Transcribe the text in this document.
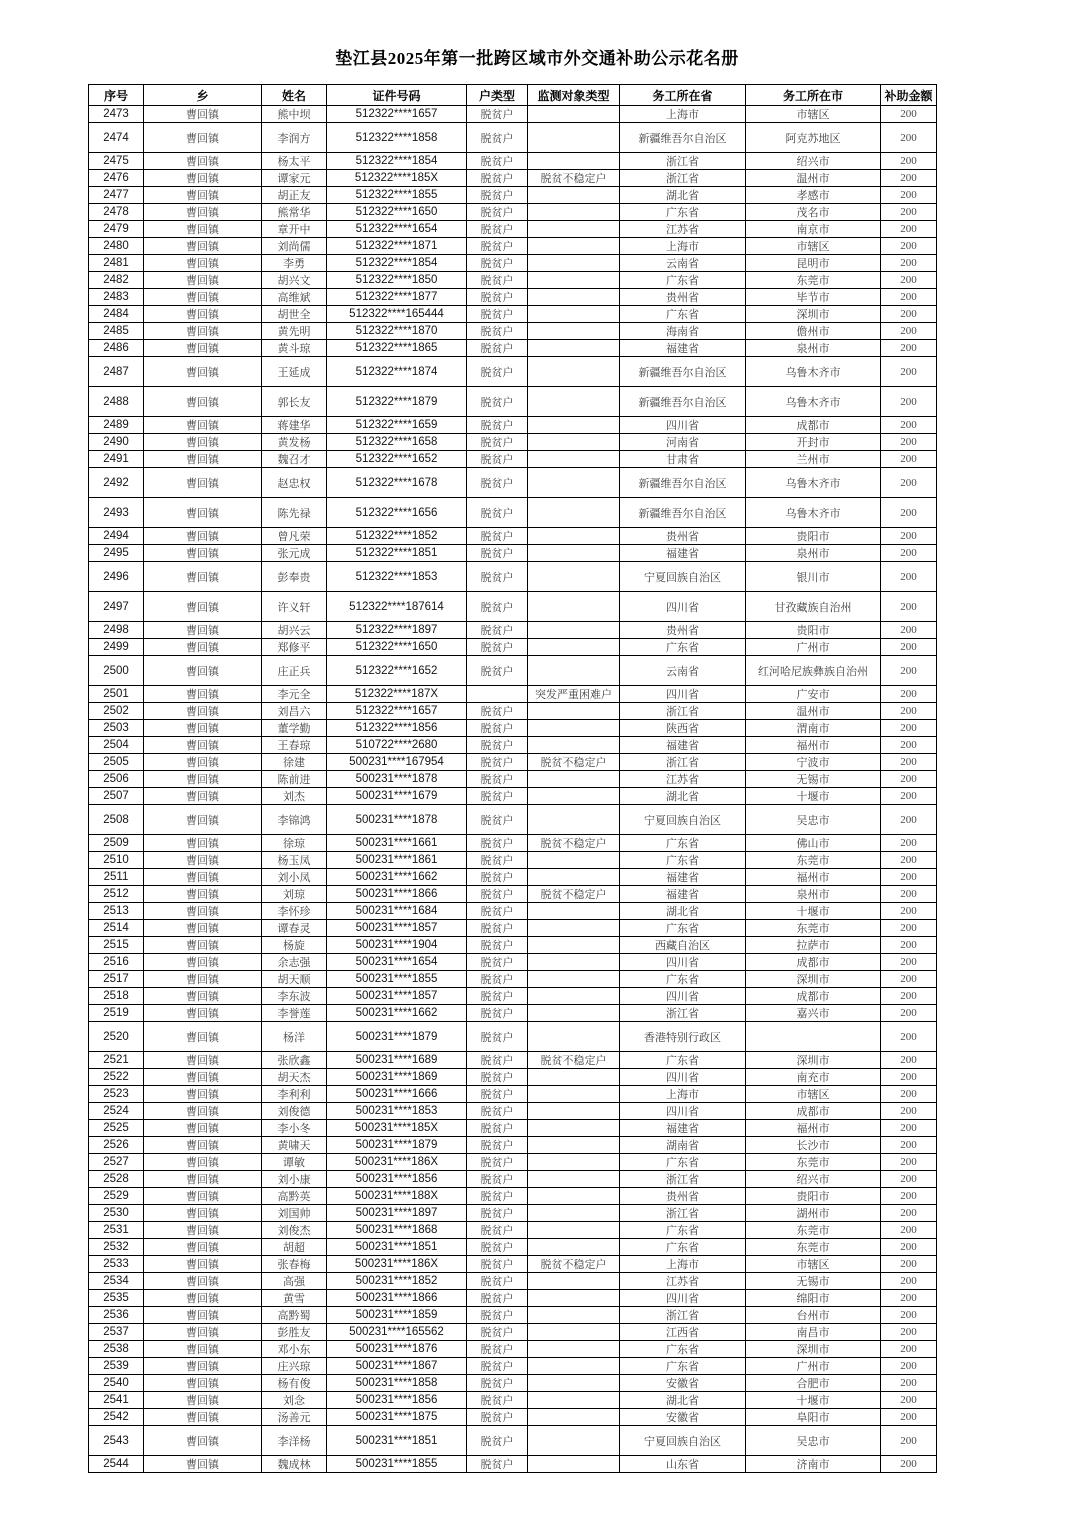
垫江县2025年第一批跨区域市外交通补助公示花名册
序号	乡	姓名	证件号码	户类型	监测对象类型	务工所在省	务工所在市	补助金额
2473	曹回镇	熊中坝	512322****1657	脱贫户		上海市	市辖区	200
2474	曹回镇	李润方	512322****1858	脱贫户		新疆维吾尔自治区	阿克苏地区	200
2475	曹回镇	杨太平	512322****1854	脱贫户		浙江省	绍兴市	200
2476	曹回镇	谭家元	512322****185X	脱贫户	脱贫不稳定户	浙江省	温州市	200
2477	曹回镇	胡正友	512322****1855	脱贫户		湖北省	孝感市	200
2478	曹回镇	熊常华	512322****1650	脱贫户		广东省	茂名市	200
2479	曹回镇	章开中	512322****1654	脱贫户		江苏省	南京市	200
2480	曹回镇	刘尚儒	512322****1871	脱贫户		上海市	市辖区	200
2481	曹回镇	李勇	512322****1854	脱贫户		云南省	昆明市	200
2482	曹回镇	胡兴文	512322****1850	脱贫户		广东省	东莞市	200
2483	曹回镇	高维斌	512322****1877	脱贫户		贵州省	毕节市	200
2484	曹回镇	胡世全	512322****165444	脱贫户		广东省	深圳市	200
2485	曹回镇	黄先明	512322****1870	脱贫户		海南省	儋州市	200
2486	曹回镇	黄斗琼	512322****1865	脱贫户		福建省	泉州市	200
2487	曹回镇	王延成	512322****1874	脱贫户		新疆维吾尔自治区	乌鲁木齐市	200
2488	曹回镇	郭长友	512322****1879	脱贫户		新疆维吾尔自治区	乌鲁木齐市	200
2489	曹回镇	蒋建华	512322****1659	脱贫户		四川省	成都市	200
2490	曹回镇	黄发杨	512322****1658	脱贫户		河南省	开封市	200
2491	曹回镇	魏召才	512322****1652	脱贫户		甘肃省	兰州市	200
2492	曹回镇	赵忠权	512322****1678	脱贫户		新疆维吾尔自治区	乌鲁木齐市	200
2493	曹回镇	陈先禄	512322****1656	脱贫户		新疆维吾尔自治区	乌鲁木齐市	200
2494	曹回镇	曾凡荣	512322****1852	脱贫户		贵州省	贵阳市	200
2495	曹回镇	张元成	512322****1851	脱贫户		福建省	泉州市	200
2496	曹回镇	彭奉贵	512322****1853	脱贫户		宁夏回族自治区	银川市	200
2497	曹回镇	许义轩	512322****187614	脱贫户		四川省	甘孜藏族自治州	200
2498	曹回镇	胡兴云	512322****1897	脱贫户		贵州省	贵阳市	200
2499	曹回镇	郑修平	512322****1650	脱贫户		广东省	广州市	200
2500	曹回镇	庄正兵	512322****1652	脱贫户		云南省	红河哈尼族彝族自治州	200
2501	曹回镇	李元全	512322****187X		突发严重困难户	四川省	广安市	200
2502	曹回镇	刘昌六	512322****1657	脱贫户		浙江省	温州市	200
2503	曹回镇	董学勤	512322****1856	脱贫户		陕西省	渭南市	200
2504	曹回镇	王春琼	510722****2680	脱贫户		福建省	福州市	200
2505	曹回镇	徐建	500231****167954	脱贫户	脱贫不稳定户	浙江省	宁波市	200
2506	曹回镇	陈前进	500231****1878	脱贫户		江苏省	无锡市	200
2507	曹回镇	刘杰	500231****1679	脱贫户		湖北省	十堰市	200
2508	曹回镇	李锦鸿	500231****1878	脱贫户		宁夏回族自治区	吴忠市	200
2509	曹回镇	徐琼	500231****1661	脱贫户	脱贫不稳定户	广东省	佛山市	200
2510	曹回镇	杨玉凤	500231****1861	脱贫户		广东省	东莞市	200
2511	曹回镇	刘小凤	500231****1662	脱贫户		福建省	福州市	200
2512	曹回镇	刘琼	500231****1866	脱贫户	脱贫不稳定户	福建省	泉州市	200
2513	曹回镇	李怀珍	500231****1684	脱贫户		湖北省	十堰市	200
2514	曹回镇	谭春灵	500231****1857	脱贫户		广东省	东莞市	200
2515	曹回镇	杨旋	500231****1904	脱贫户		西藏自治区	拉萨市	200
2516	曹回镇	余志强	500231****1654	脱贫户		四川省	成都市	200
2517	曹回镇	胡天顺	500231****1855	脱贫户		广东省	深圳市	200
2518	曹回镇	李东波	500231****1857	脱贫户		四川省	成都市	200
2519	曹回镇	李誉莲	500231****1662	脱贫户		浙江省	嘉兴市	200
2520	曹回镇	杨洋	500231****1879	脱贫户		香港特别行政区		200
2521	曹回镇	张欣鑫	500231****1689	脱贫户	脱贫不稳定户	广东省	深圳市	200
2522	曹回镇	胡天杰	500231****1869	脱贫户		四川省	南充市	200
2523	曹回镇	李利利	500231****1666	脱贫户		上海市	市辖区	200
2524	曹回镇	刘俊德	500231****1853	脱贫户		四川省	成都市	200
2525	曹回镇	李小冬	500231****185X	脱贫户		福建省	福州市	200
2526	曹回镇	黄啸天	500231****1879	脱贫户		湖南省	长沙市	200
2527	曹回镇	谭敏	500231****186X	脱贫户		广东省	东莞市	200
2528	曹回镇	刘小康	500231****1856	脱贫户		浙江省	绍兴市	200
2529	曹回镇	高黔英	500231****188X	脱贫户		贵州省	贵阳市	200
2530	曹回镇	刘国帅	500231****1897	脱贫户		浙江省	湖州市	200
2531	曹回镇	刘俊杰	500231****1868	脱贫户		广东省	东莞市	200
2532	曹回镇	胡超	500231****1851	脱贫户		广东省	东莞市	200
2533	曹回镇	张春梅	500231****186X	脱贫户	脱贫不稳定户	上海市	市辖区	200
2534	曹回镇	高强	500231****1852	脱贫户		江苏省	无锡市	200
2535	曹回镇	黄雪	500231****1866	脱贫户		四川省	绵阳市	200
2536	曹回镇	高黔蜀	500231****1859	脱贫户		浙江省	台州市	200
2537	曹回镇	彭胜友	500231****165562	脱贫户		江西省	南昌市	200
2538	曹回镇	邓小东	500231****1876	脱贫户		广东省	深圳市	200
2539	曹回镇	庄兴琼	500231****1867	脱贫户		广东省	广州市	200
2540	曹回镇	杨有俊	500231****1858	脱贫户		安徽省	合肥市	200
2541	曹回镇	刘念	500231****1856	脱贫户		湖北省	十堰市	200
2542	曹回镇	汤善元	500231****1875	脱贫户		安徽省	阜阳市	200
2543	曹回镇	李洋杨	500231****1851	脱贫户		宁夏回族自治区	吴忠市	200
2544	曹回镇	魏成林	500231****1855	脱贫户		山东省	济南市	200
